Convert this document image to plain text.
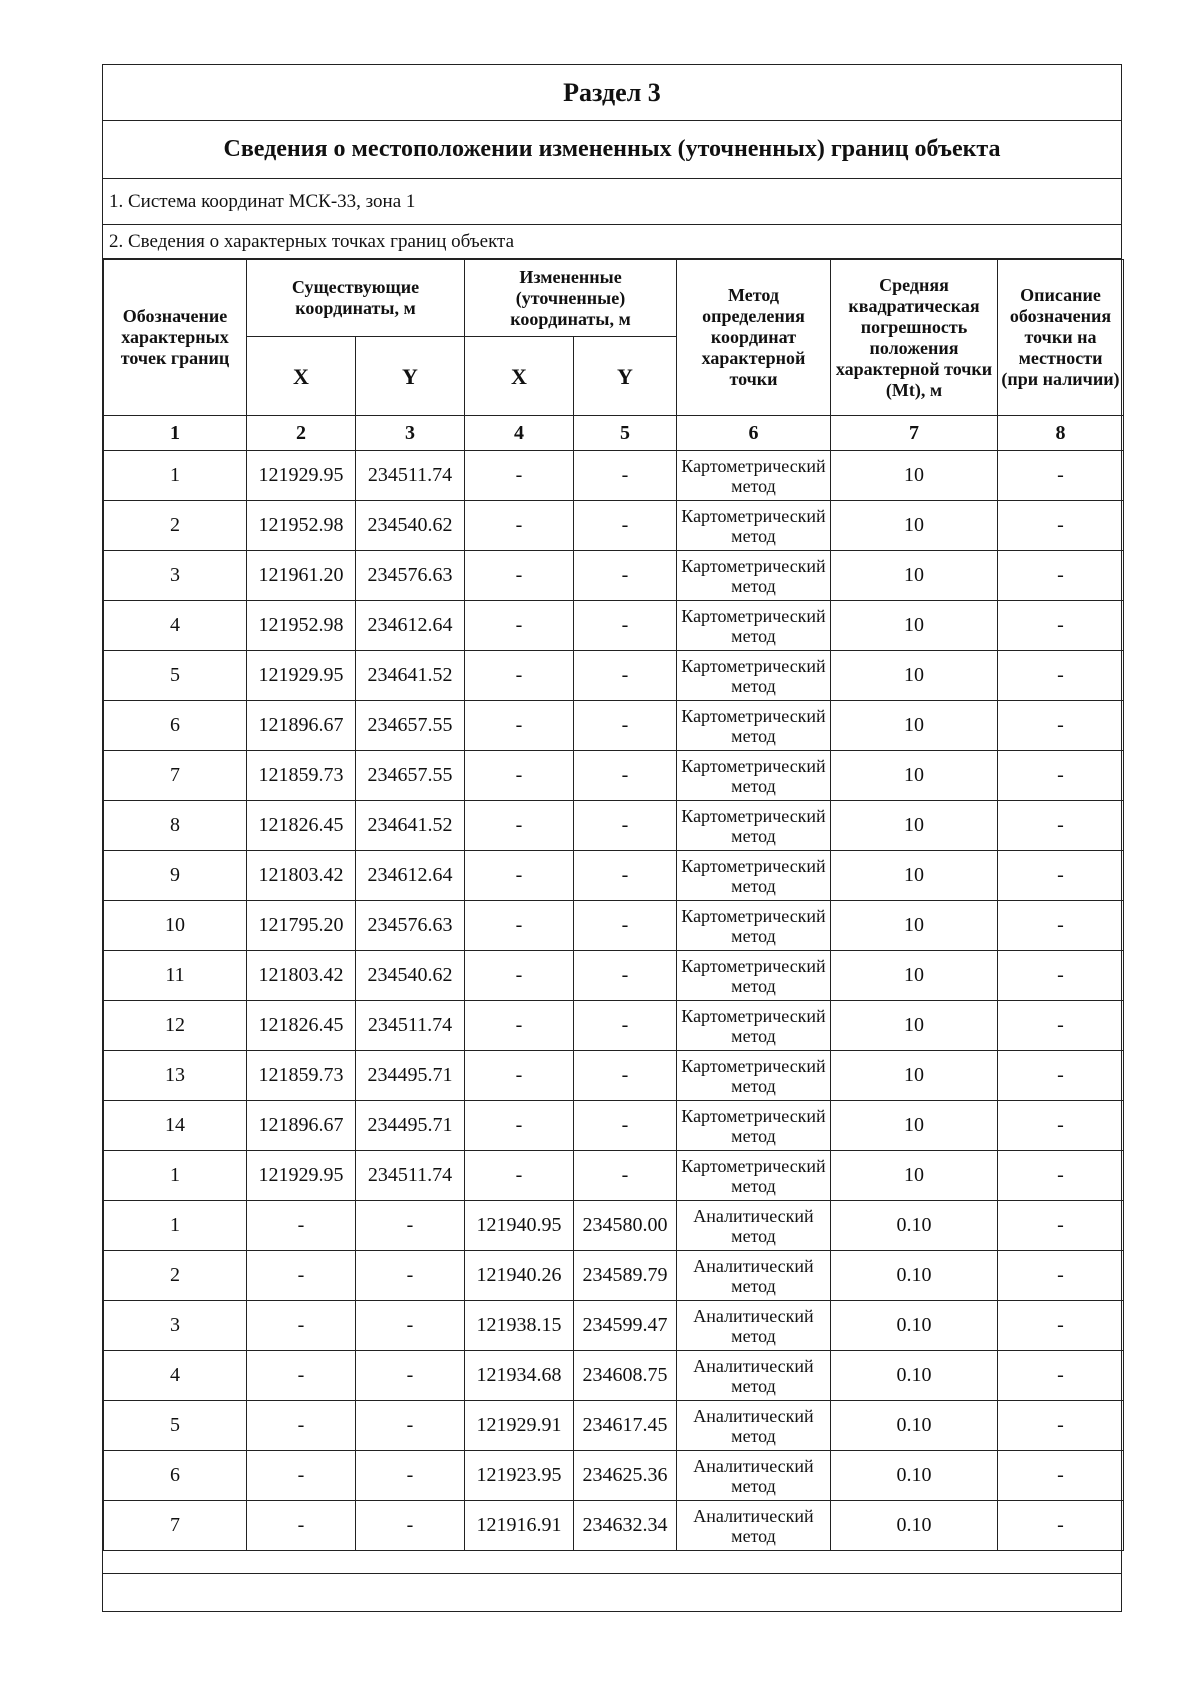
Раздел 3
Сведения о местоположении измененных (уточненных) границ объекта
1. Система координат МСК-33, зона 1
2. Сведения о характерных точках границ объекта
Обозначение характерных точек границ	Существующие координаты, м		Измененные (уточненные) координаты, м		Метод определения координат характерной точки	Средняя квадратическая погрешность положения характерной точки (Mt), м	Описание обозначения точки на местности (при наличии)
	X	Y	X	Y			
1	2	3	4	5	6	7	8
1	121929.95	234511.74	-	-	Картометрический метод	10	-
2	121952.98	234540.62	-	-	Картометрический метод	10	-
3	121961.20	234576.63	-	-	Картометрический метод	10	-
4	121952.98	234612.64	-	-	Картометрический метод	10	-
5	121929.95	234641.52	-	-	Картометрический метод	10	-
6	121896.67	234657.55	-	-	Картометрический метод	10	-
7	121859.73	234657.55	-	-	Картометрический метод	10	-
8	121826.45	234641.52	-	-	Картометрический метод	10	-
9	121803.42	234612.64	-	-	Картометрический метод	10	-
10	121795.20	234576.63	-	-	Картометрический метод	10	-
11	121803.42	234540.62	-	-	Картометрический метод	10	-
12	121826.45	234511.74	-	-	Картометрический метод	10	-
13	121859.73	234495.71	-	-	Картометрический метод	10	-
14	121896.67	234495.71	-	-	Картометрический метод	10	-
1	121929.95	234511.74	-	-	Картометрический метод	10	-
1	-	-	121940.95	234580.00	Аналитический метод	0.10	-
2	-	-	121940.26	234589.79	Аналитический метод	0.10	-
3	-	-	121938.15	234599.47	Аналитический метод	0.10	-
4	-	-	121934.68	234608.75	Аналитический метод	0.10	-
5	-	-	121929.91	234617.45	Аналитический метод	0.10	-
6	-	-	121923.95	234625.36	Аналитический метод	0.10	-
7	-	-	121916.91	234632.34	Аналитический метод	0.10	-
